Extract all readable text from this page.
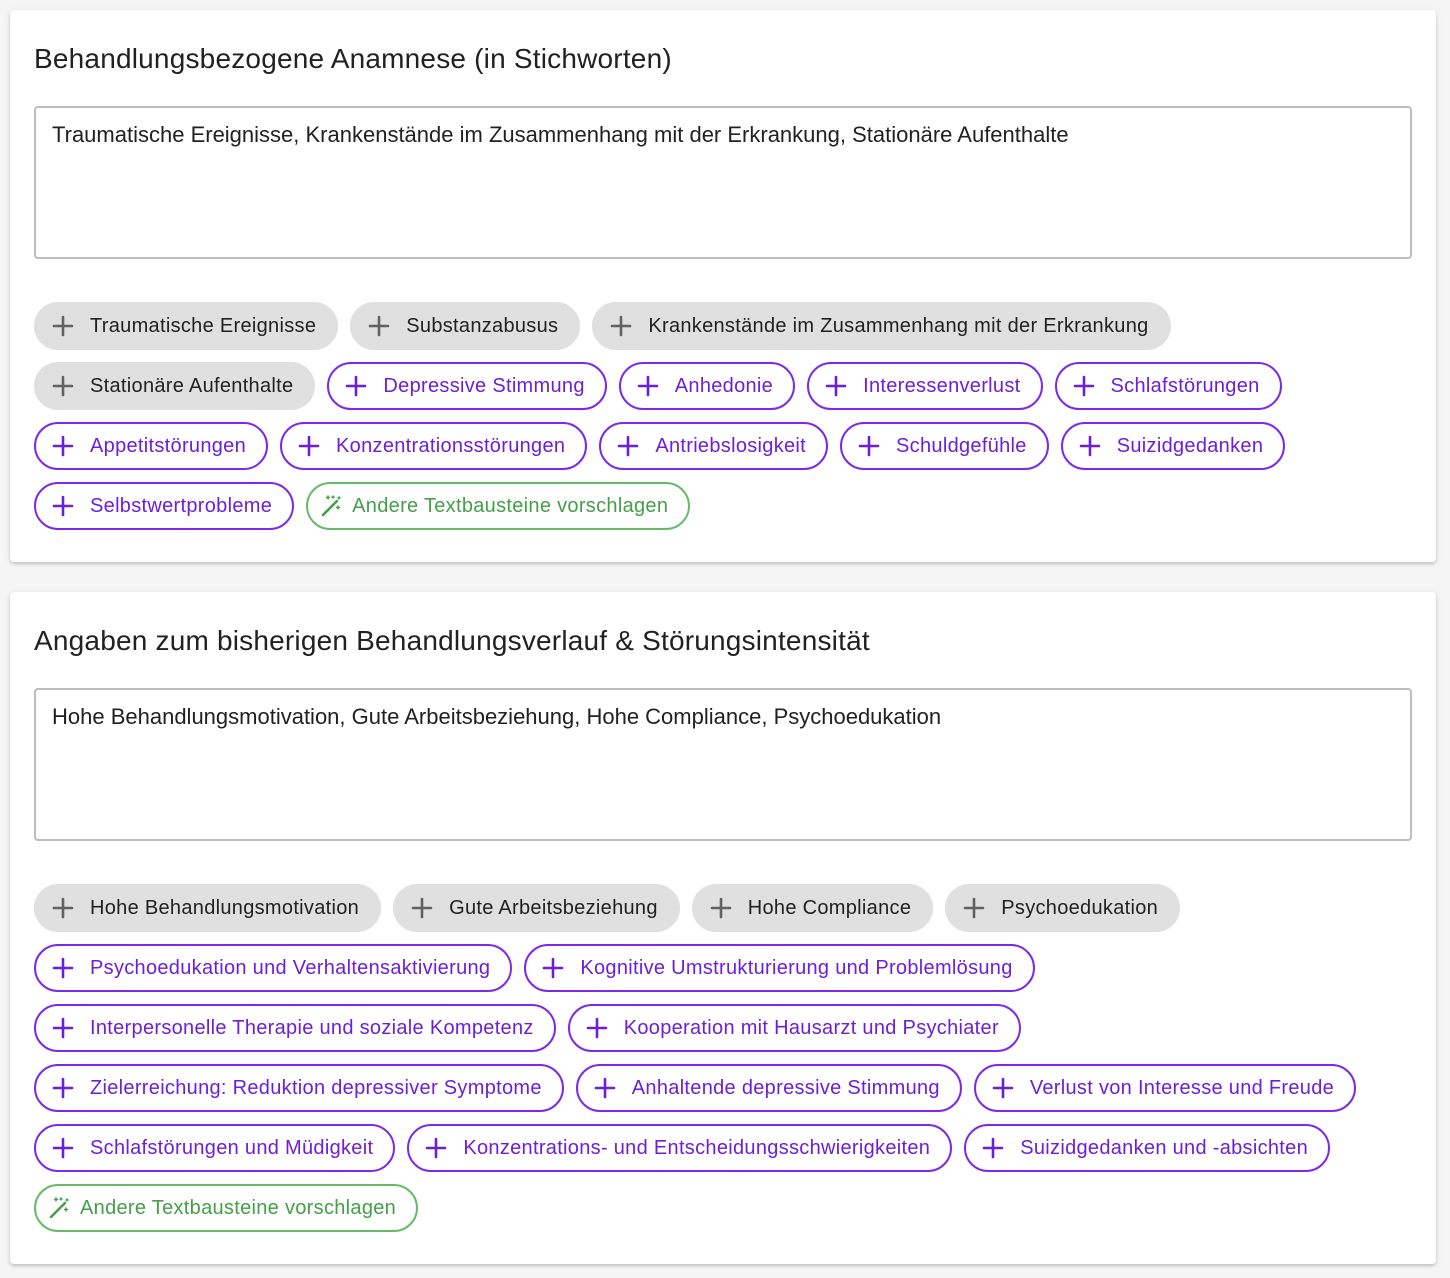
Behandlungsbezogene Anamnese (in Stichworten)
Traumatische Ereignisse, Krankenstände im Zusammenhang mit der Erkrankung, Stationäre Aufenthalte
Traumatische Ereignisse	Substanzabusus	Krankenstände im Zusammenhang mit der Erkrankung
Stationäre Aufenthalte	Depressive Stimmung	Anhedonie	Interessenverlust	Schlafstörungen
Appetitstörungen	Konzentrationsstörungen	Antriebslosigkeit	Schuldgefühle	Suizidgedanken
Selbstwertprobleme	Andere Textbausteine vorschlagen
Angaben zum bisherigen Behandlungsverlauf & Störungsintensität
Hohe Behandlungsmotivation, Gute Arbeitsbeziehung, Hohe Compliance, Psychoedukation
Hohe Behandlungsmotivation	Gute Arbeitsbeziehung	Hohe Compliance	Psychoedukation
Psychoedukation und Verhaltensaktivierung	Kognitive Umstrukturierung und Problemlösung
Interpersonelle Therapie und soziale Kompetenz	Kooperation mit Hausarzt und Psychiater
Zielerreichung: Reduktion depressiver Symptome	Anhaltende depressive Stimmung	Verlust von Interesse und Freude
Schlafstörungen und Müdigkeit	Konzentrations- und Entscheidungsschwierigkeiten	Suizidgedanken und -absichten
Andere Textbausteine vorschlagen
